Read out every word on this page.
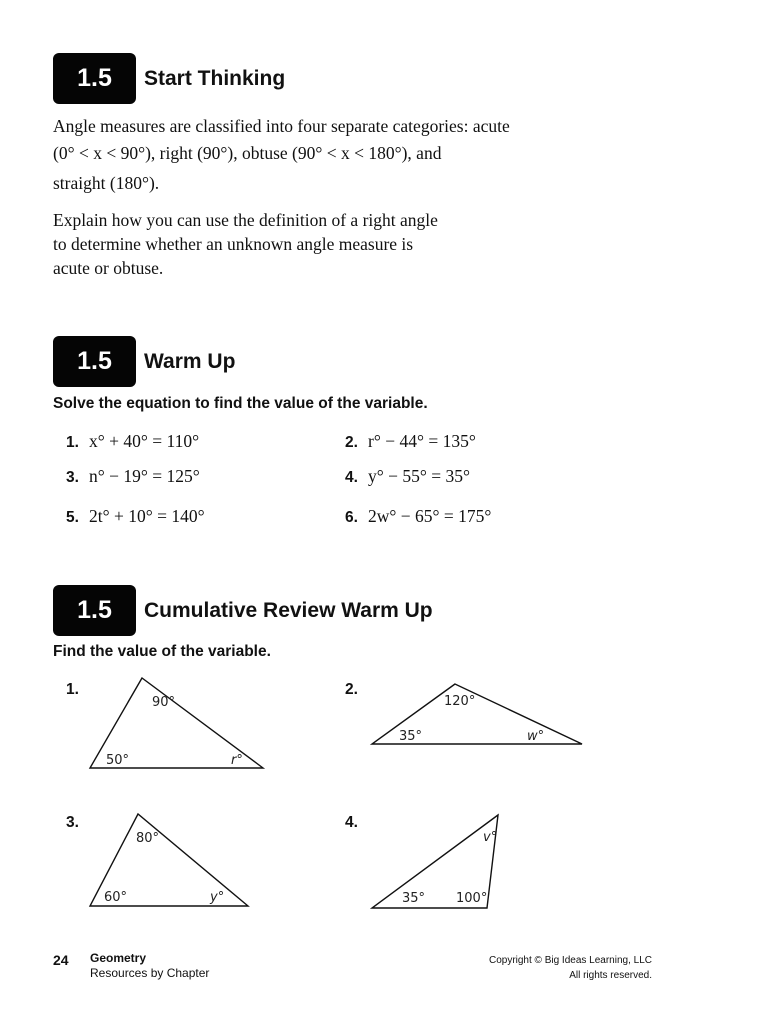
1.5	Start Thinking
Angle measures are classified into four separate categories: acute
(0° < x < 90°), right (90°), obtuse (90° < x < 180°), and
straight (180°).
Explain how you can use the definition of a right angle
to determine whether an unknown angle measure is
acute or obtuse.
1.5	Warm Up
Solve the equation to find the value of the variable.
1. x° + 40° = 110°	2. r° − 44° = 135°
3. n° − 19° = 125°	4. y° − 55° = 35°
5. 2t° + 10° = 140°	6. 2w° − 65° = 175°
1.5	Cumulative Review Warm Up
Find the value of the variable.
1.
90°
50°	r°
2.
120°
35°	w°
3.
80°
60°	y°
4.
v°
35° 100°
24 Geometry
Resources by Chapter
Copyright © Big Ideas Learning, LLC
All rights reserved.
